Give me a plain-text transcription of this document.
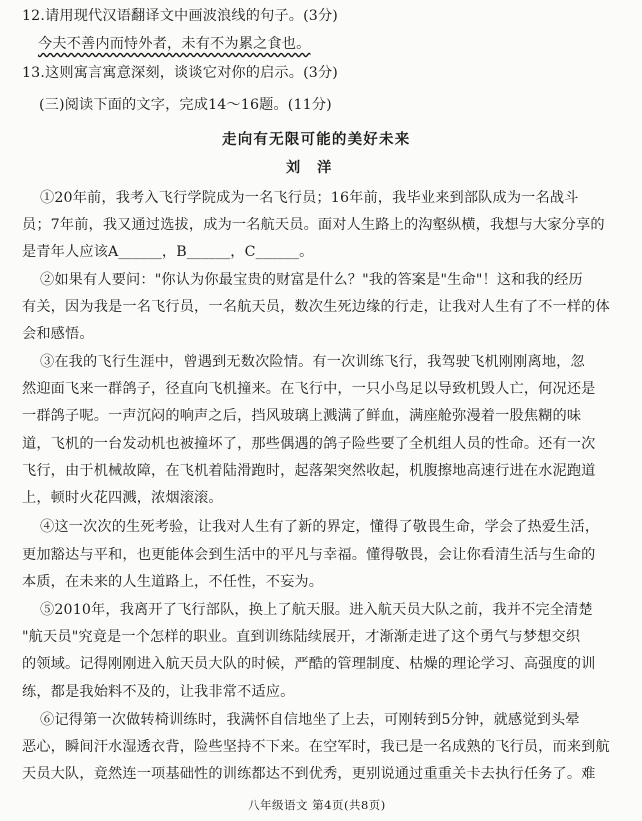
12.请用现代汉语翻译文中画波浪线的句子。(3分)
今夫不善内而恃外者，未有不为累之食也。
13.这则寓言寓意深刻，谈谈它对你的启示。(3分)
(三)阅读下面的文字，完成14～16题。(11分)
走向有无限可能的美好未来
刘 洋
①20年前，我考入飞行学院成为一名飞行员；16年前，我毕业来到部队成为一名战斗
员；7年前，我又通过选拔，成为一名航天员。面对人生路上的沟壑纵横，我想与大家分享的
是青年人应该A______，B______，C______。
②如果有人要问："你认为你最宝贵的财富是什么？"我的答案是"生命"！这和我的经历
有关，因为我是一名飞行员，一名航天员，数次生死边缘的行走，让我对人生有了不一样的体
会和感悟。
③在我的飞行生涯中，曾遇到无数次险情。有一次训练飞行，我驾驶飞机刚刚离地，忽
然迎面飞来一群鸽子，径直向飞机撞来。在飞行中，一只小鸟足以导致机毁人亡，何况还是
一群鸽子呢。一声沉闷的响声之后，挡风玻璃上溅满了鲜血，满座舱弥漫着一股焦糊的味
道，飞机的一台发动机也被撞坏了，那些偶遇的鸽子险些要了全机组人员的性命。还有一次
飞行，由于机械故障，在飞机着陆滑跑时，起落架突然收起，机腹擦地高速行进在水泥跑道
上，顿时火花四溅，浓烟滚滚。
④这一次次的生死考验，让我对人生有了新的界定，懂得了敬畏生命，学会了热爱生活，
更加豁达与平和，也更能体会到生活中的平凡与幸福。懂得敬畏，会让你看清生活与生命的
本质，在未来的人生道路上，不任性，不妄为。
⑤2010年，我离开了飞行部队，换上了航天服。进入航天员大队之前，我并不完全清楚
"航天员"究竟是一个怎样的职业。直到训练陆续展开，才渐渐走进了这个勇气与梦想交织
的领域。记得刚刚进入航天员大队的时候，严酷的管理制度、枯燥的理论学习、高强度的训
练，都是我始料不及的，让我非常不适应。
⑥记得第一次做转椅训练时，我满怀自信地坐了上去，可刚转到5分钟，就感觉到头晕
恶心，瞬间汗水湿透衣背，险些坚持不下来。在空军时，我已是一名成熟的飞行员，而来到航
天员大队，竟然连一项基础性的训练都达不到优秀，更别说通过重重关卡去执行任务了。难
八年级语文 第4页(共8页)
